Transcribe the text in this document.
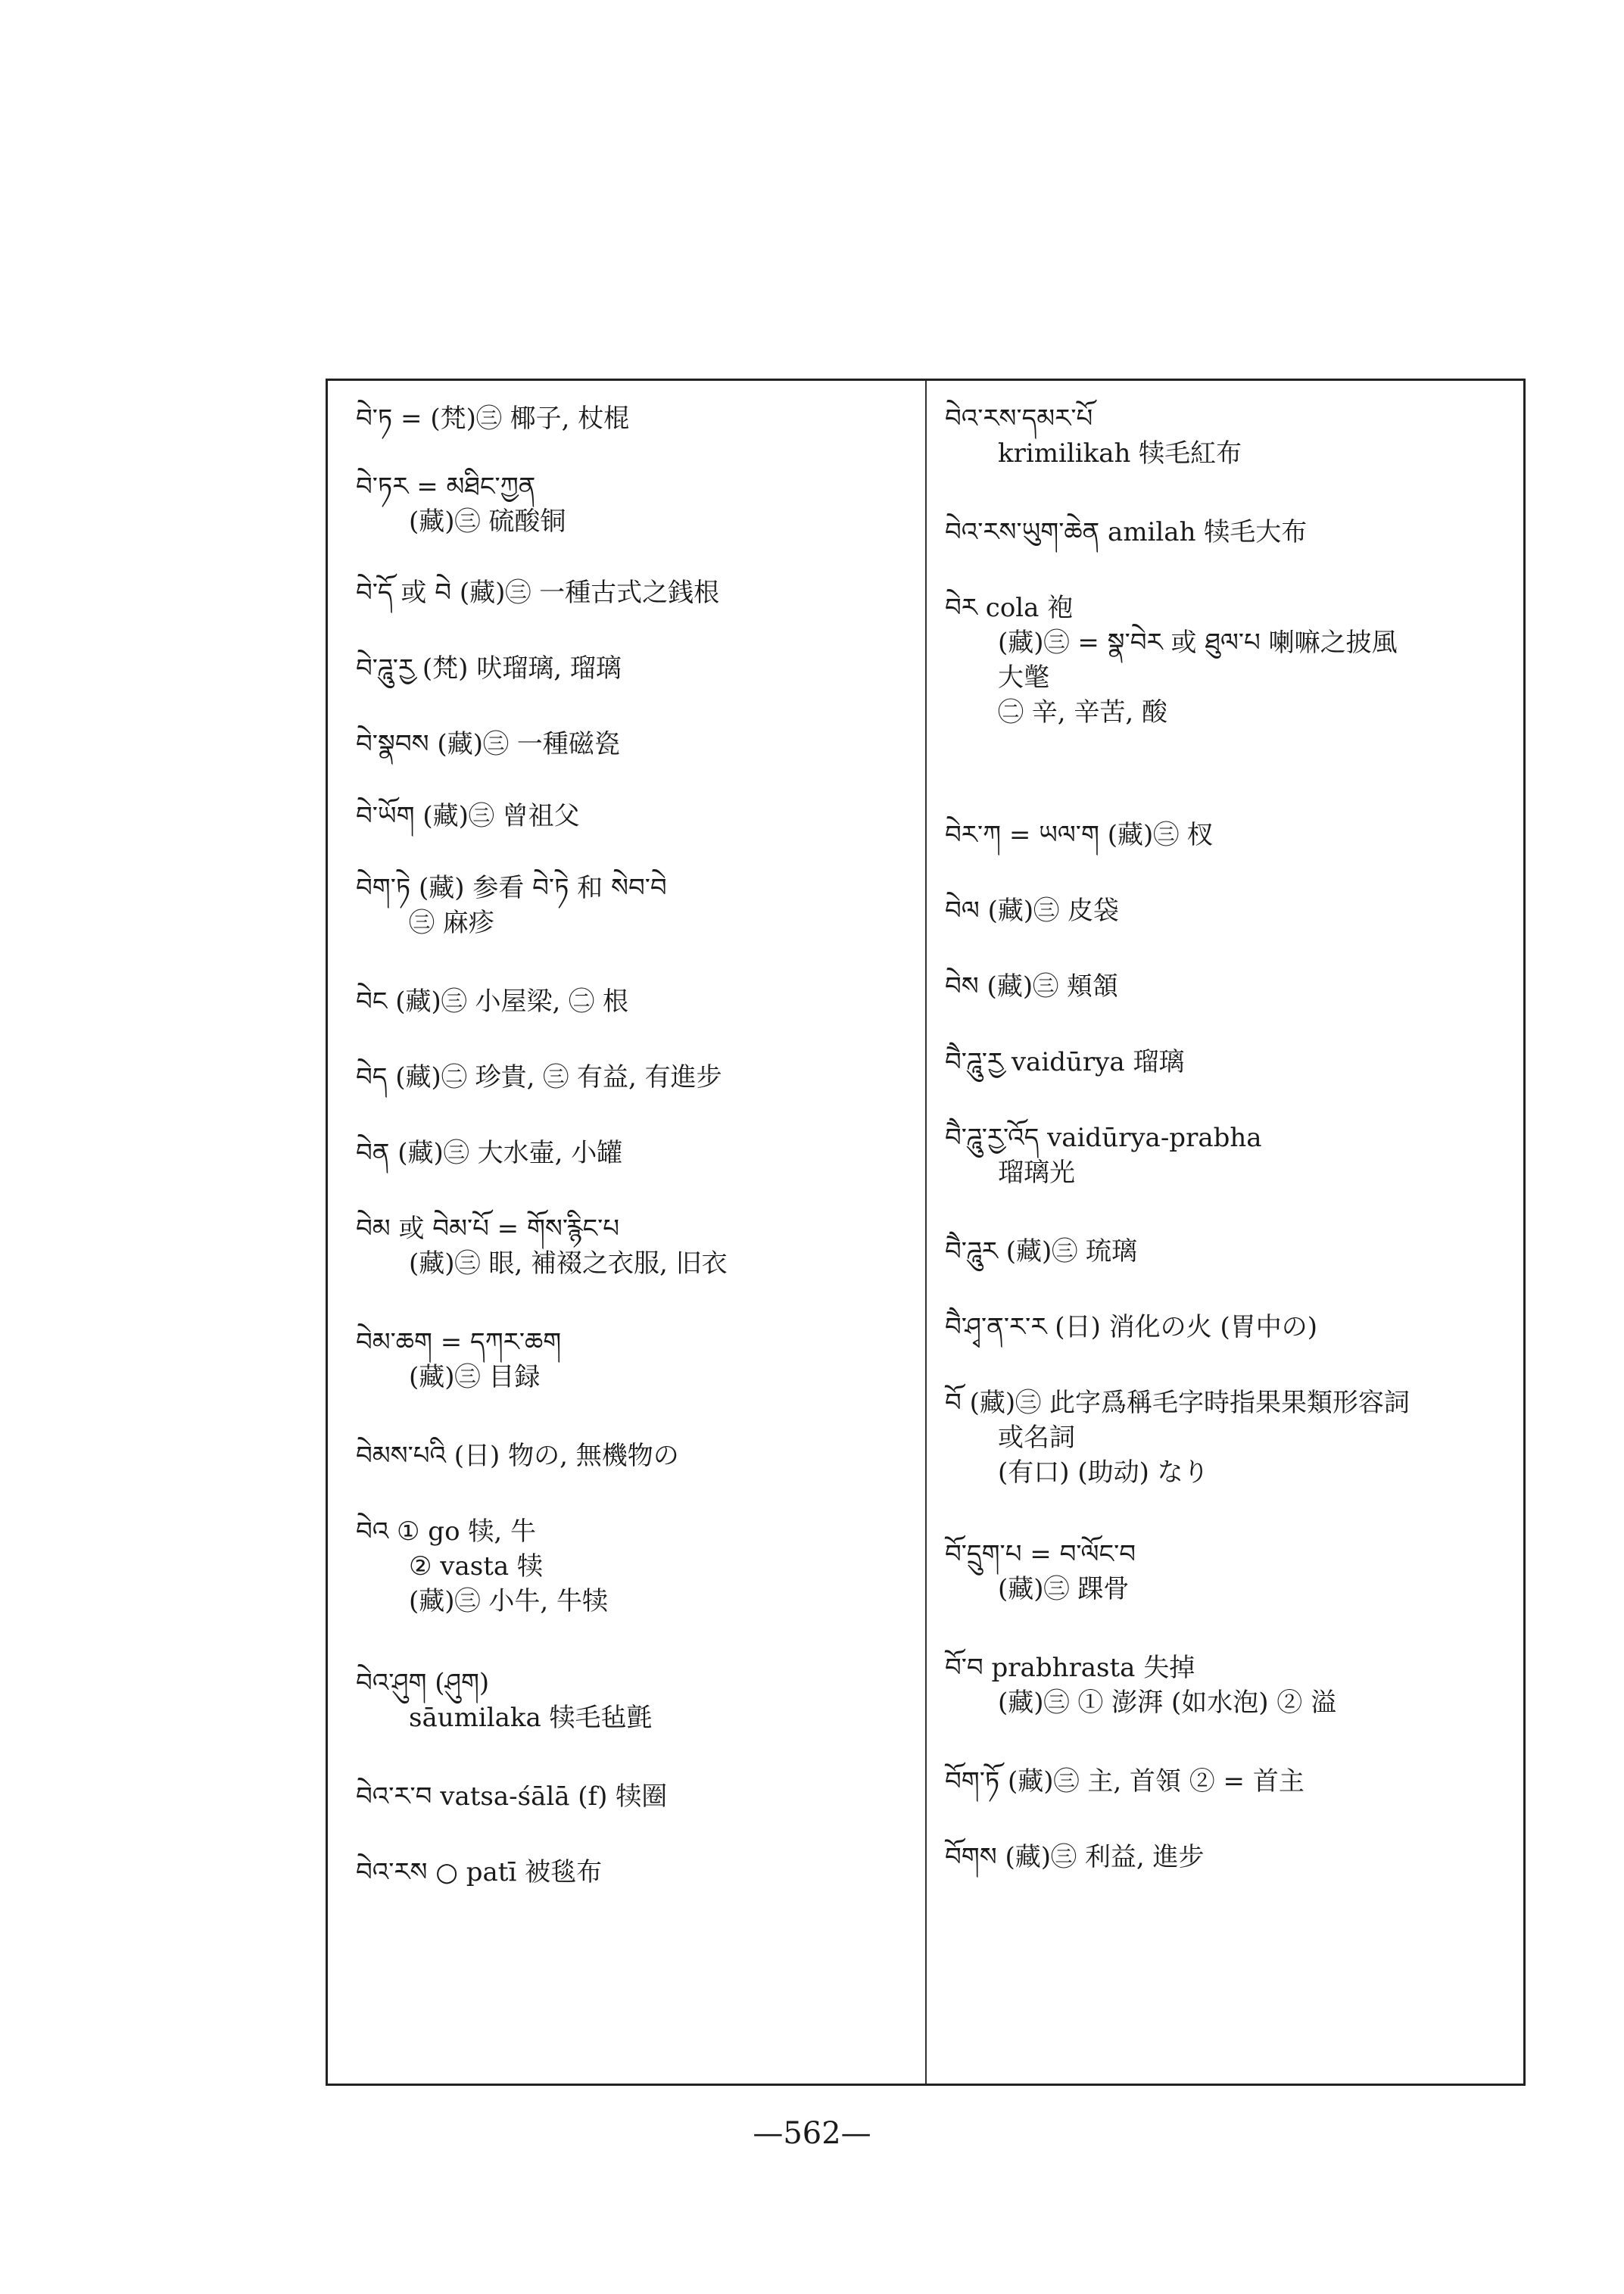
བེ་ཏ = (梵)㊂ 椰子, 杖棍
བེ་ཏར = མཐིང་ཀྱན
(藏)㊂ 硫酸铜
བེ་དོ 或 བེ (藏)㊂ 一種古式之銭根
བེ་ཌཱུ་རྱ (梵) 吠瑠璃, 瑠璃
བེ་སྣབས (藏)㊂ 一種磁瓷
བེ་ཡོག (藏)㊂ 曾祖父
བེག་ཏེ (藏) 参看 བེ་ཏེ 和 སེབ་བེ
㊂ 麻疹
བེང (藏)㊂ 小屋梁, ㊁ 根
བེད (藏)㊁ 珍貴, ㊂ 有益, 有進步
བེན (藏)㊂ 大水壷, 小罐
བེམ 或 བེམ་པོ = གོས་རྙིང་པ
(藏)㊂ 眼, 補裰之衣服, 旧衣
བེམ་ཆག = དཀར་ཆག
(藏)㊂ 目録
བེམས་པའི (日) 物の, 無機物の
བེའ ① go 犊, 牛
② vasta 犊
(藏)㊂ 小牛, 牛犊
བེའ་ཤུག (ཤུག)
sāumilaka 犊毛毡氈
བེའ་ར་བ vatsa-śālā (f) 犊圈
བེའ་རས ○ patī 被毯布
བེའ་རས་དམར་པོ
krimilikah 犊毛紅布
བེའ་རས་ཡུག་ཆེན amilah 犊毛大布
བེར cola 袍
(藏)㊂ = སྣ་བེར 或 ཐུལ་པ 喇嘛之披風
大氅
㊁ 辛, 辛苦, 酸
བེར་ཀ = ཡལ་ག (藏)㊂ 杈
བེལ (藏)㊂ 皮袋
བེས (藏)㊂ 頬頷
བཻ་ཌཱུ་རྱ vaidūrya 瑠璃
བཻ་ཌཱུ་རྱ་འོད vaidūrya-prabha
瑠璃光
བཻ་ཌཱུར (藏)㊂ 琉璃
བཻ་ཤྭ་ན་ར་ར (日) 消化の火 (胃中の)
བོ (藏)㊂ 此字爲稱毛字時指果果類形容詞
或名詞
(有口) (助动) なり
བོ་དྲུག་པ = བ་ལོང་བ
(藏)㊂ 踝骨
བོ་བ prabhrasta 失掉
(藏)㊂ ① 澎湃 (如水泡) ② 溢
བོག་ཏོ (藏)㊂ 主, 首領 ② = 首主
བོགས (藏)㊂ 利益, 進步
—562—
